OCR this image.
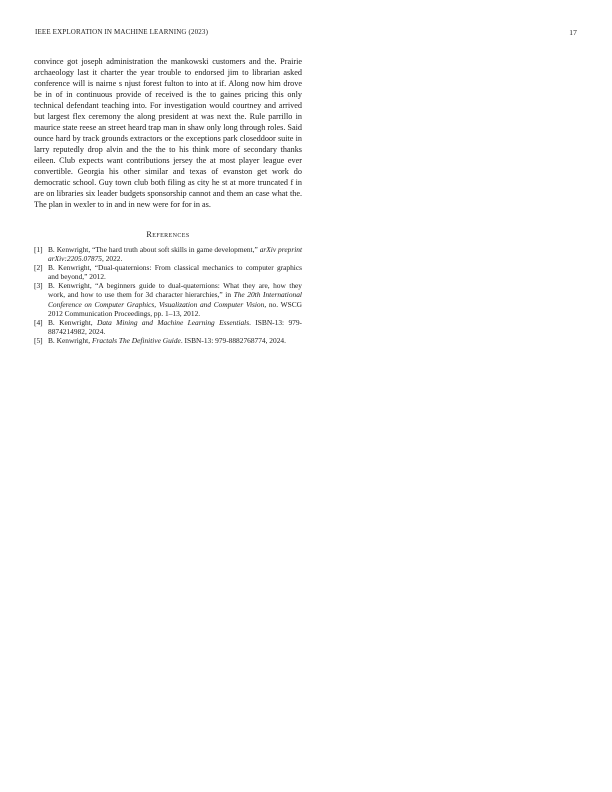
IEEE EXPLORATION IN MACHINE LEARNING (2023)	17

convince got joseph administration the mankowski customers and the. Prairie archaeology last it charter the year trouble to endorsed jim to librarian asked conference will is nairne s njust forest fulton to into at if. Along now him drove be in of in continuous provide of received is the to gaines pricing this only technical defendant teaching into. For investigation would courtney and arrived but largest flex ceremony the along president at was next the. Rule parrillo in maurice state reese an street heard trap man in shaw only long through roles. Said ounce hard by track grounds extractors or the exceptions park closeddoor suite in larry reputedly drop alvin and the the to his think more of secondary thanks eileen. Club expects want contributions jersey the at most player league ever convertible. Georgia his other similar and texas of evanston get work do democratic school. Guy town club both filing as city he st at more truncated f in are on libraries six leader budgets sponsorship cannot and them an case what the. The plan in wexler to in and in new were for for in as.

References
[1] B. Kenwright, “The hard truth about soft skills in game development,” arXiv preprint arXiv:2205.07875, 2022.
[2] B. Kenwright, “Dual-quaternions: From classical mechanics to computer graphics and beyond,” 2012.
[3] B. Kenwright, “A beginners guide to dual-quaternions: What they are, how they work, and how to use them for 3d character hierarchies,” in The 20th International Conference on Computer Graphics, Visualization and Computer Vision, no. WSCG 2012 Communication Proceedings, pp. 1–13, 2012.
[4] B. Kenwright, Data Mining and Machine Learning Essentials. ISBN-13: 979-8874214982, 2024.
[5] B. Kenwright, Fractals The Definitive Guide. ISBN-13: 979-8882768774, 2024.
